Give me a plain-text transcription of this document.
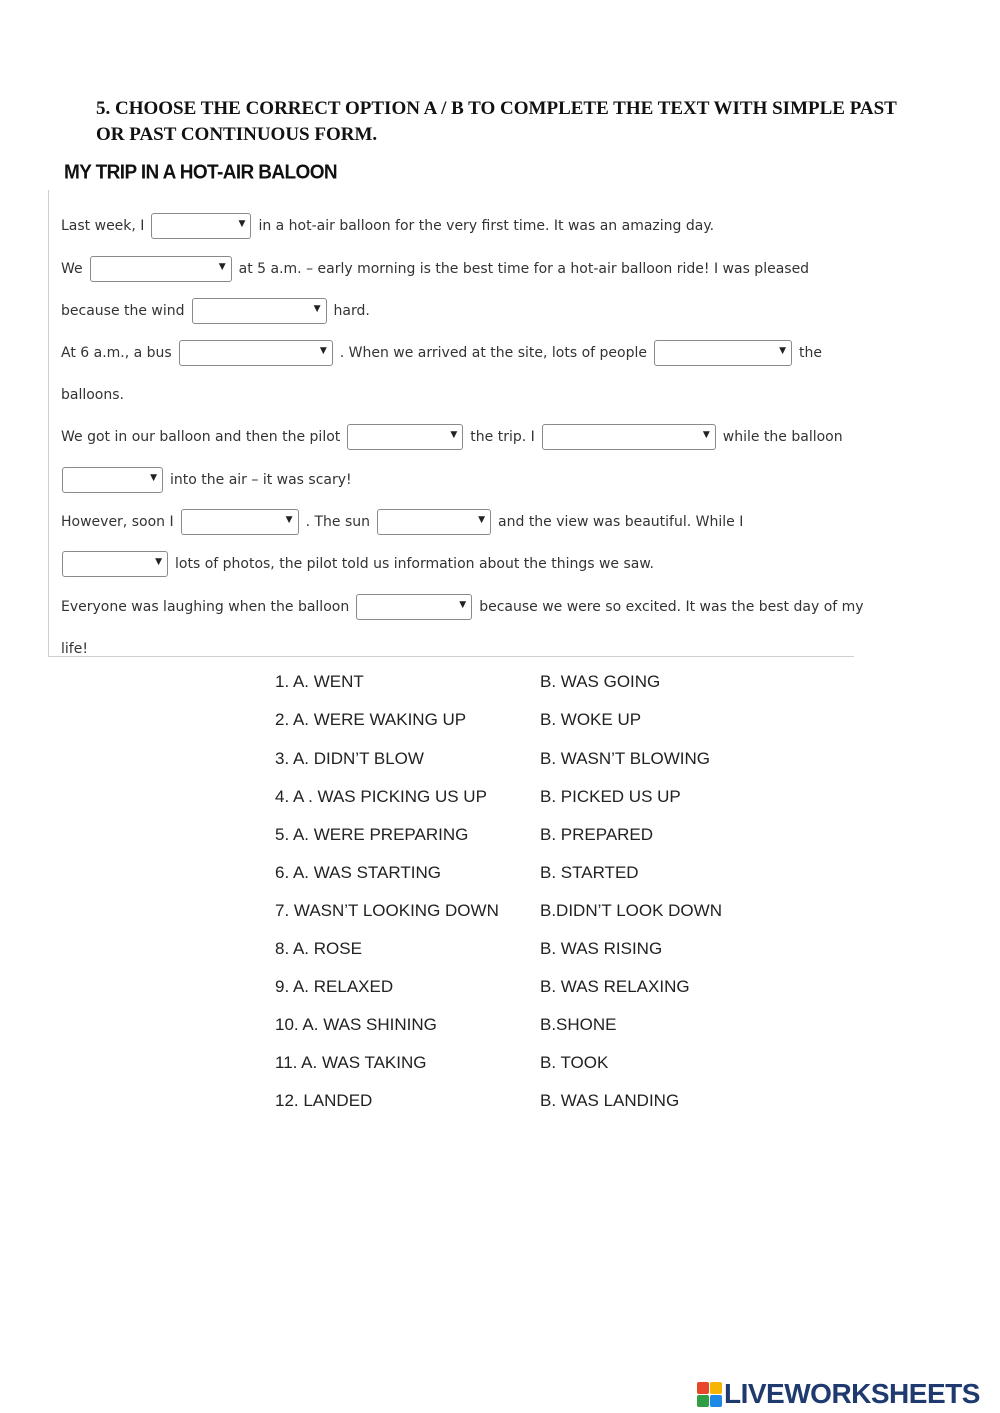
5. CHOOSE THE CORRECT OPTION A / B TO COMPLETE THE TEXT WITH SIMPLE PAST OR PAST CONTINUOUS FORM.
MY TRIP IN A HOT-AIR BALOON
Last week, I	▼ in a hot-air balloon for the very first time. It was an amazing day.
We	▼ at 5 a.m. – early morning is the best time for a hot-air balloon ride! I was pleased
because the wind	▼ hard.
At 6 a.m., a bus	▼ . When we arrived at the site, lots of people	▼ the
balloons.
We got in our balloon and then the pilot	▼ the trip. I	▼ while the balloon
▼ into the air – it was scary!
However, soon I	▼ . The sun	▼ and the view was beautiful. While I
▼ lots of photos, the pilot told us information about the things we saw.
Everyone was laughing when the balloon	▼ because we were so excited. It was the best day of my
life!
1. A. WENT	B. WAS GOING
2. A. WERE WAKING UP	B. WOKE UP
3. A. DIDN’T BLOW	B. WASN’T BLOWING
4. A . WAS PICKING US UP	B. PICKED US UP
5. A. WERE PREPARING	B. PREPARED
6. A. WAS STARTING	B. STARTED
7. WASN’T LOOKING DOWN B.DIDN’T LOOK DOWN
8. A. ROSE	B. WAS RISING
9. A. RELAXED	B. WAS RELAXING
10. A. WAS SHINING	B.SHONE
11. A. WAS TAKING	B. TOOK
12. LANDED	B. WAS LANDING
LIVEWORKSHEETS
